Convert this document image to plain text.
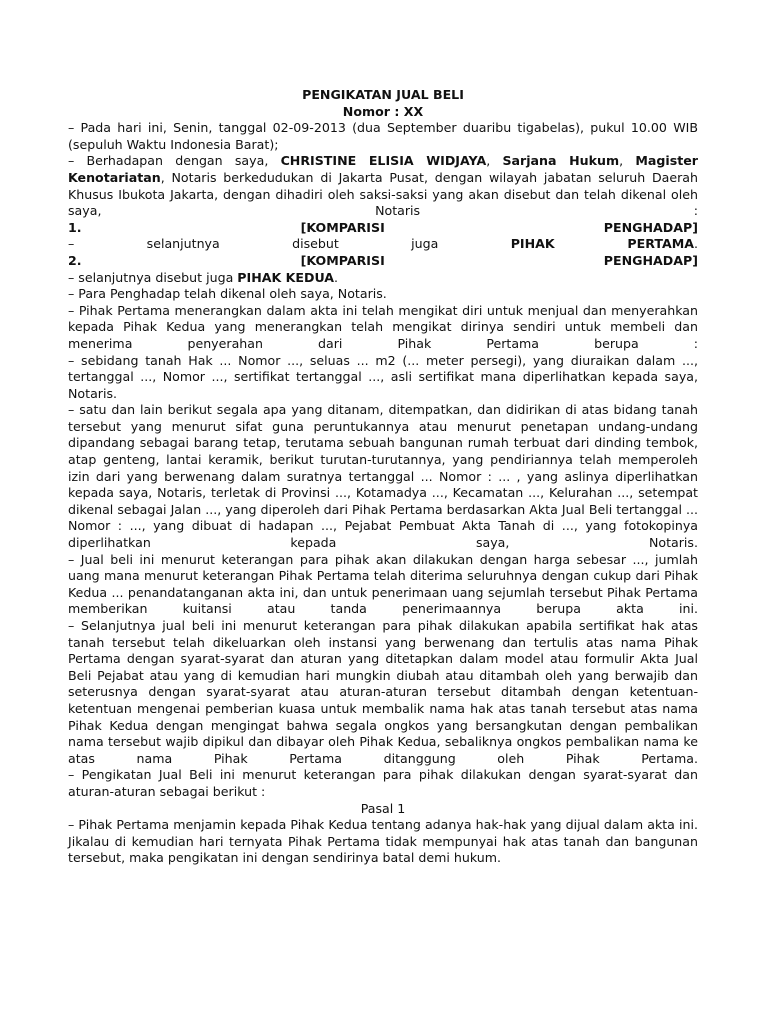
PENGIKATAN JUAL BELI
Nomor : XX
– Pada hari ini, Senin, tanggal 02-09-2013 (dua September duaribu tigabelas), pukul 10.00 WIB (sepuluh Waktu Indonesia Barat);
– Berhadapan dengan saya, CHRISTINE ELISIA WIDJAYA, Sarjana Hukum, Magister Kenotariatan, Notaris berkedudukan di Jakarta Pusat, dengan wilayah jabatan seluruh Daerah Khusus Ibukota Jakarta, dengan dihadiri oleh saksi-saksi yang akan disebut dan telah dikenal oleh saya, Notaris :
1. [KOMPARISI PENGHADAP]
– selanjutnya disebut juga PIHAK PERTAMA.
2. [KOMPARISI PENGHADAP]
– selanjutnya disebut juga PIHAK KEDUA.
– Para Penghadap telah dikenal oleh saya, Notaris.
– Pihak Pertama menerangkan dalam akta ini telah mengikat diri untuk menjual dan menyerahkan kepada Pihak Kedua yang menerangkan telah mengikat dirinya sendiri untuk membeli dan menerima penyerahan dari Pihak Pertama berupa :
– sebidang tanah Hak ... Nomor ..., seluas ... m2 (... meter persegi), yang diuraikan dalam ..., tertanggal ..., Nomor ..., sertifikat tertanggal ..., asli sertifikat mana diperlihatkan kepada saya, Notaris.
– satu dan lain berikut segala apa yang ditanam, ditempatkan, dan didirikan di atas bidang tanah tersebut yang menurut sifat guna peruntukannya atau menurut penetapan undang-undang dipandang sebagai barang tetap, terutama sebuah bangunan rumah terbuat dari dinding tembok, atap genteng, lantai keramik, berikut turutan-turutannya, yang pendiriannya telah memperoleh izin dari yang berwenang dalam suratnya tertanggal ... Nomor : ... , yang aslinya diperlihatkan kepada saya, Notaris, terletak di Provinsi ..., Kotamadya ..., Kecamatan ..., Kelurahan ..., setempat dikenal sebagai Jalan ..., yang diperoleh dari Pihak Pertama berdasarkan Akta Jual Beli tertanggal ... Nomor : ..., yang dibuat di hadapan ..., Pejabat Pembuat Akta Tanah di ..., yang fotokopinya diperlihatkan kepada saya, Notaris.
– Jual beli ini menurut keterangan para pihak akan dilakukan dengan harga sebesar ..., jumlah uang mana menurut keterangan Pihak Pertama telah diterima seluruhnya dengan cukup dari Pihak Kedua ... penandatanganan akta ini, dan untuk penerimaan uang sejumlah tersebut Pihak Pertama memberikan kuitansi atau tanda penerimaannya berupa akta ini.
– Selanjutnya jual beli ini menurut keterangan para pihak dilakukan apabila sertifikat hak atas tanah tersebut telah dikeluarkan oleh instansi yang berwenang dan tertulis atas nama Pihak Pertama dengan syarat-syarat dan aturan yang ditetapkan dalam model atau formulir Akta Jual Beli Pejabat atau yang di kemudian hari mungkin diubah atau ditambah oleh yang berwajib dan seterusnya dengan syarat-syarat atau aturan-aturan tersebut ditambah dengan ketentuan-ketentuan mengenai pemberian kuasa untuk membalik nama hak atas tanah tersebut atas nama Pihak Kedua dengan mengingat bahwa segala ongkos yang bersangkutan dengan pembalikan nama tersebut wajib dipikul dan dibayar oleh Pihak Kedua, sebaliknya ongkos pembalikan nama ke atas nama Pihak Pertama ditanggung oleh Pihak Pertama.
– Pengikatan Jual Beli ini menurut keterangan para pihak dilakukan dengan syarat-syarat dan aturan-aturan sebagai berikut :
Pasal 1
– Pihak Pertama menjamin kepada Pihak Kedua tentang adanya hak-hak yang dijual dalam akta ini. Jikalau di kemudian hari ternyata Pihak Pertama tidak mempunyai hak atas tanah dan bangunan tersebut, maka pengikatan ini dengan sendirinya batal demi hukum.
